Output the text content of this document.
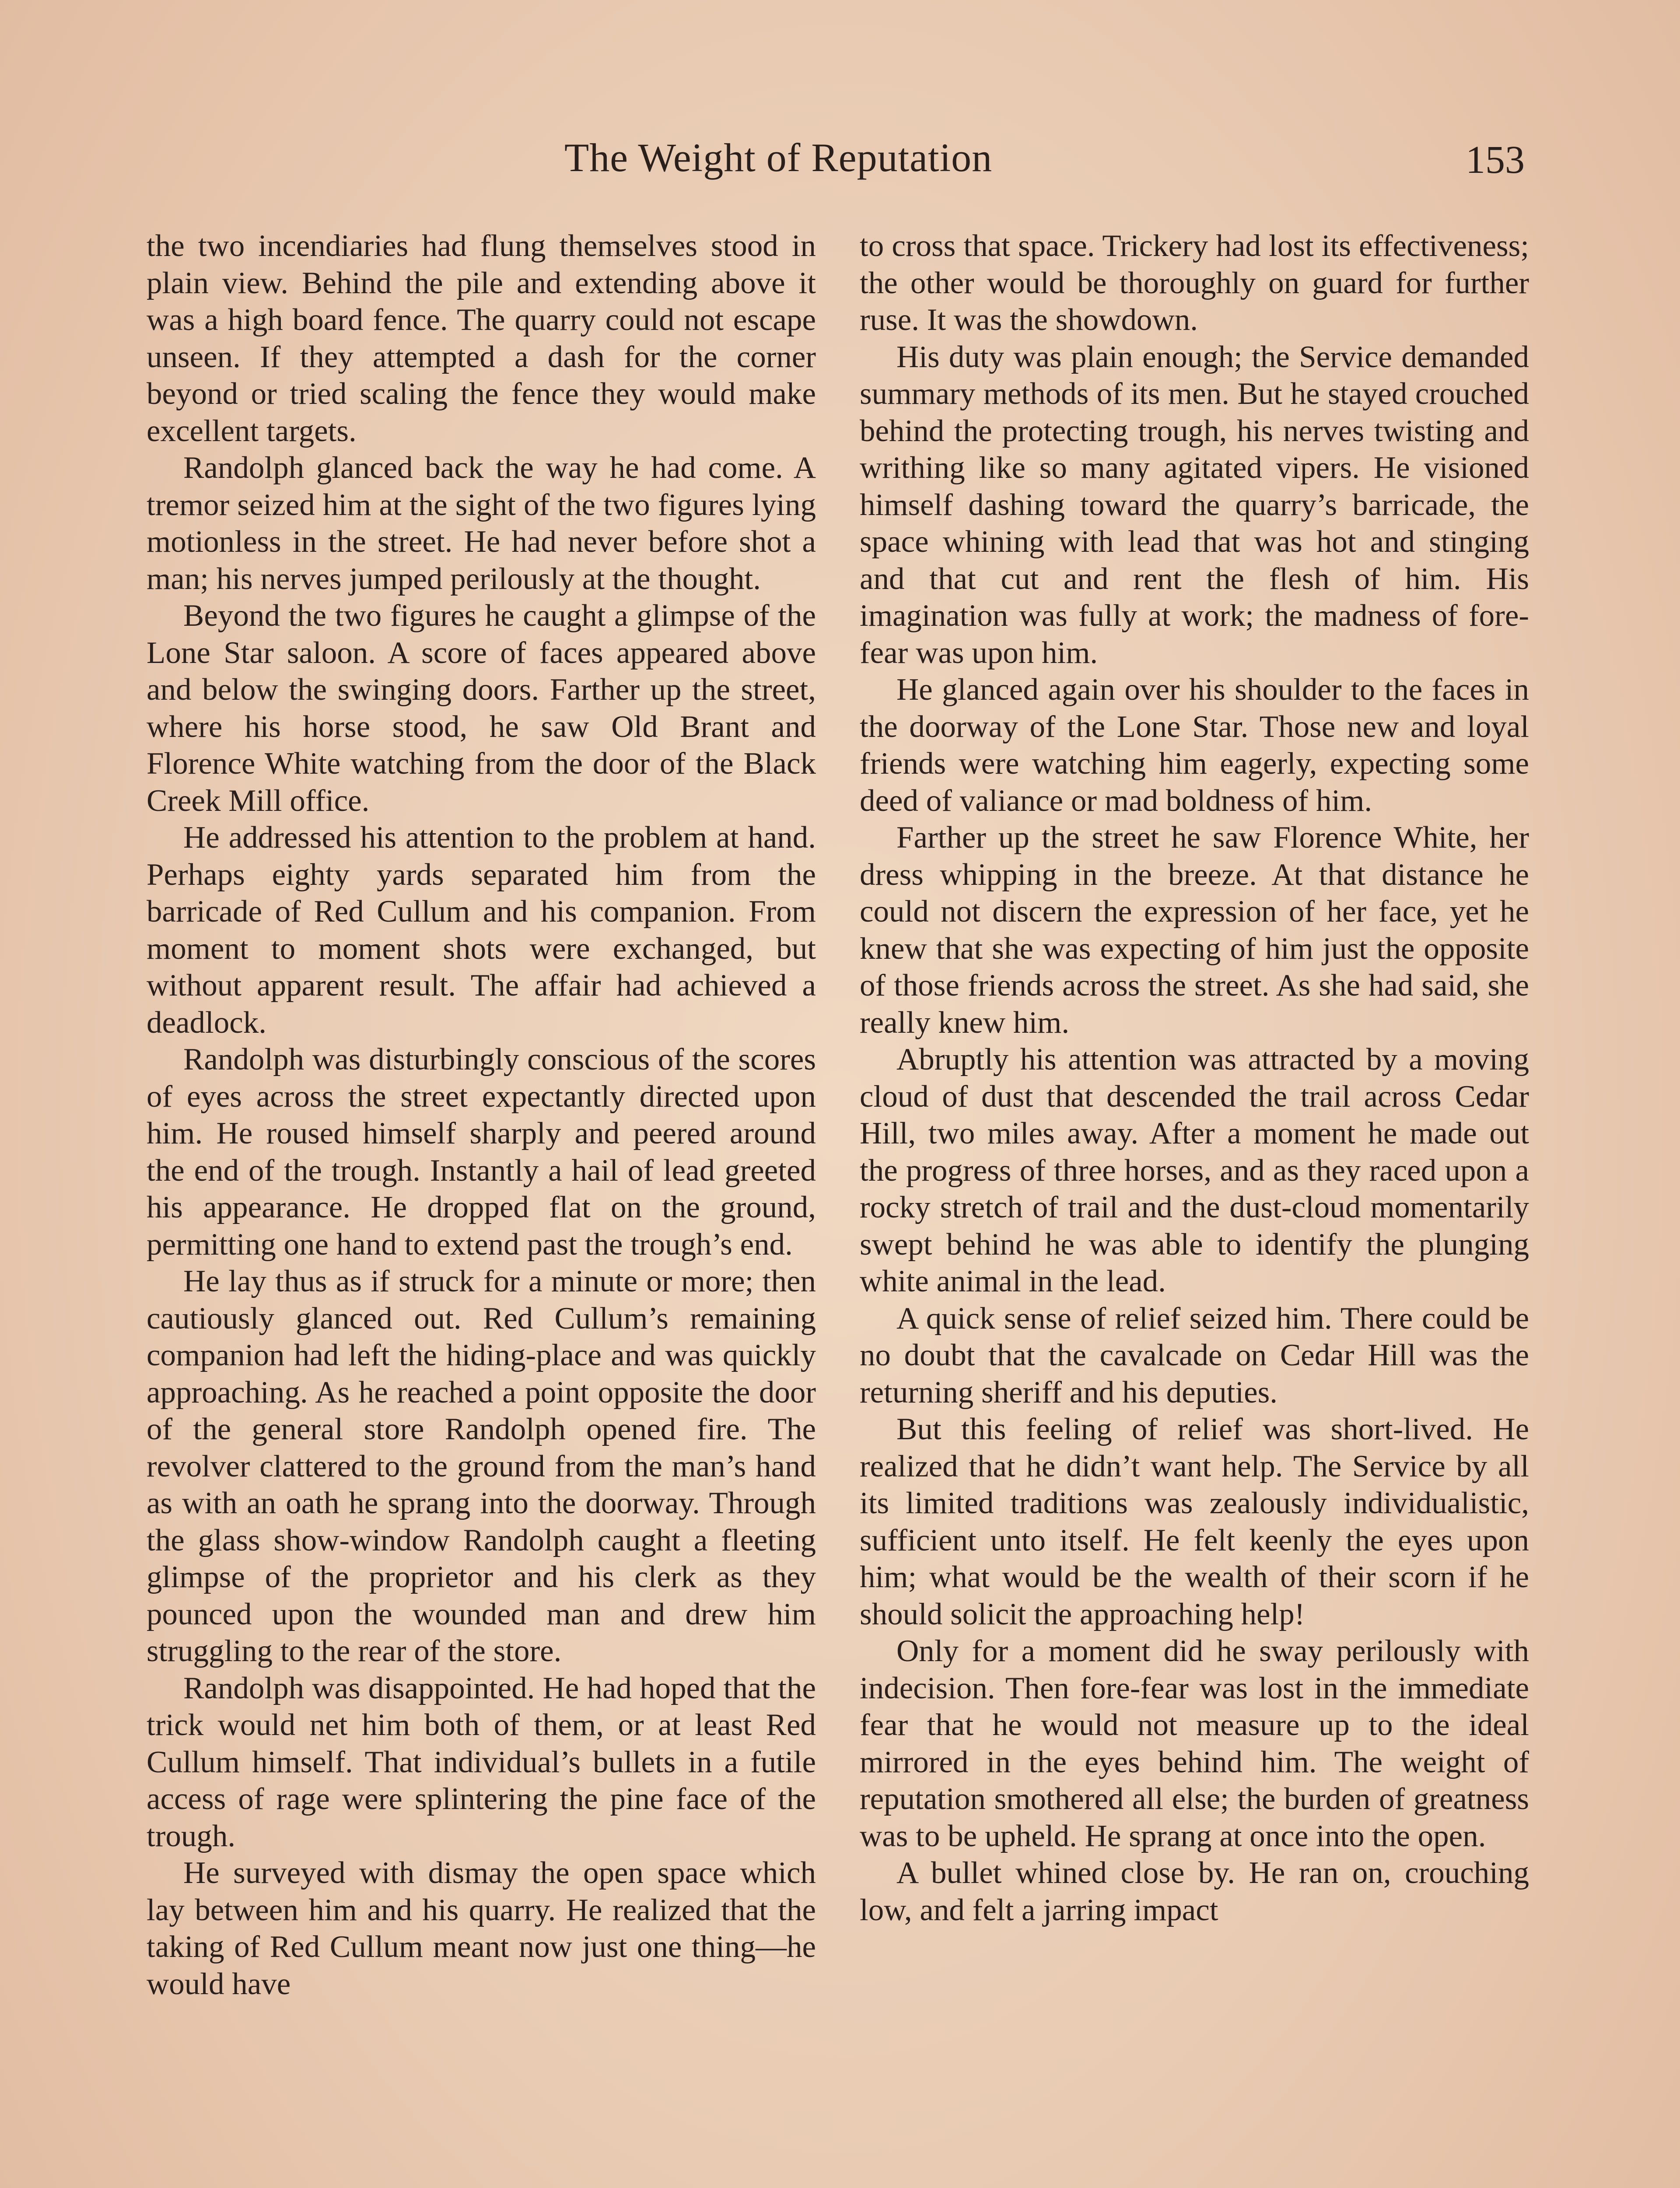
The Weight of Reputation	153

the two incendiaries had flung themselves stood in plain view. Behind the pile and extending above it was a high board fence. The quarry could not escape unseen. If they attempted a dash for the corner beyond or tried scaling the fence they would make excellent targets.

Randolph glanced back the way he had come. A tremor seized him at the sight of the two figures lying motionless in the street. He had never before shot a man; his nerves jumped perilously at the thought.

Beyond the two figures he caught a glimpse of the Lone Star saloon. A score of faces appeared above and below the swinging doors. Farther up the street, where his horse stood, he saw Old Brant and Florence White watching from the door of the Black Creek Mill office.

He addressed his attention to the problem at hand. Perhaps eighty yards separated him from the barricade of Red Cullum and his companion. From moment to moment shots were exchanged, but without apparent result. The affair had achieved a deadlock.

Randolph was disturbingly conscious of the scores of eyes across the street expectantly directed upon him. He roused himself sharply and peered around the end of the trough. Instantly a hail of lead greeted his appearance. He dropped flat on the ground, permitting one hand to extend past the trough’s end.

He lay thus as if struck for a minute or more; then cautiously glanced out. Red Cullum’s remaining companion had left the hiding-place and was quickly approaching. As he reached a point opposite the door of the general store Randolph opened fire. The revolver clattered to the ground from the man’s hand as with an oath he sprang into the doorway. Through the glass show-window Randolph caught a fleeting glimpse of the proprietor and his clerk as they pounced upon the wounded man and drew him struggling to the rear of the store.

Randolph was disappointed. He had hoped that the trick would net him both of them, or at least Red Cullum himself. That individual’s bullets in a futile access of rage were splintering the pine face of the trough.

He surveyed with dismay the open space which lay between him and his quarry. He realized that the taking of Red Cullum meant now just one thing—he would have

to cross that space. Trickery had lost its effectiveness; the other would be thoroughly on guard for further ruse. It was the showdown.

His duty was plain enough; the Service demanded summary methods of its men. But he stayed crouched behind the protecting trough, his nerves twisting and writhing like so many agitated vipers. He visioned himself dashing toward the quarry’s barricade, the space whining with lead that was hot and stinging and that cut and rent the flesh of him. His imagination was fully at work; the madness of fore-fear was upon him.

He glanced again over his shoulder to the faces in the doorway of the Lone Star. Those new and loyal friends were watching him eagerly, expecting some deed of valiance or mad boldness of him.

Farther up the street he saw Florence White, her dress whipping in the breeze. At that distance he could not discern the expression of her face, yet he knew that she was expecting of him just the opposite of those friends across the street. As she had said, she really knew him.

Abruptly his attention was attracted by a moving cloud of dust that descended the trail across Cedar Hill, two miles away. After a moment he made out the progress of three horses, and as they raced upon a rocky stretch of trail and the dust-cloud momentarily swept behind he was able to identify the plunging white animal in the lead.

A quick sense of relief seized him. There could be no doubt that the cavalcade on Cedar Hill was the returning sheriff and his deputies.

But this feeling of relief was short-lived. He realized that he didn’t want help. The Service by all its limited traditions was zealously individualistic, sufficient unto itself. He felt keenly the eyes upon him; what would be the wealth of their scorn if he should solicit the approaching help!

Only for a moment did he sway perilously with indecision. Then fore-fear was lost in the immediate fear that he would not measure up to the ideal mirrored in the eyes behind him. The weight of reputation smothered all else; the burden of greatness was to be upheld. He sprang at once into the open.

A bullet whined close by. He ran on, crouching low, and felt a jarring impact
